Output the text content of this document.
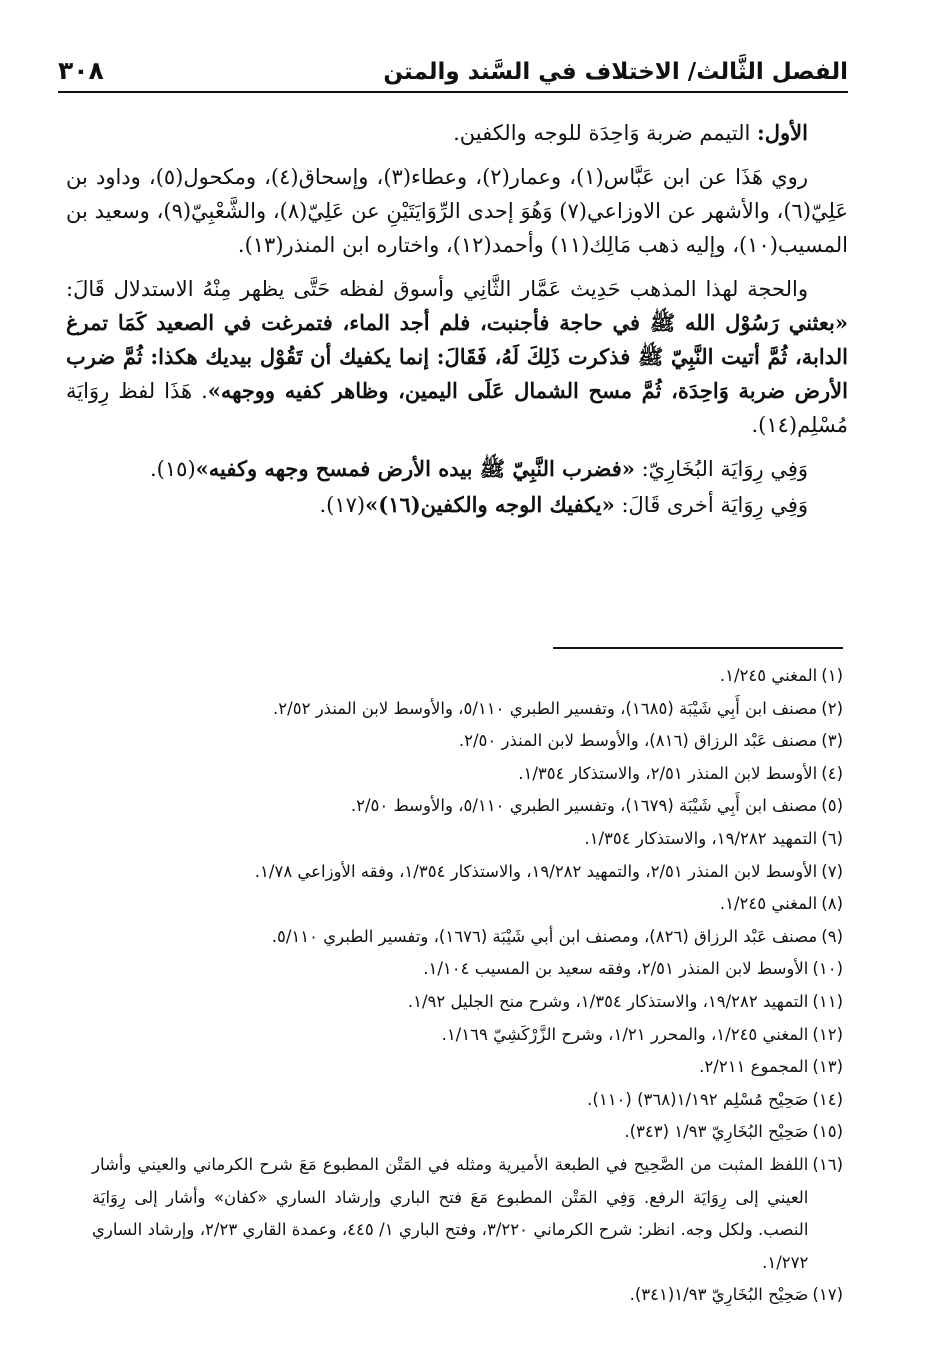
الفصل الثَّالث/ الاختلاف في السَّند والمتن
٣٠٨

الأول: التيمم ضربة وَاحِدَة للوجه والكفين.

روي هَذَا عن ابن عَبَّاس(١)، وعمار(٢)، وعطاء(٣)، وإسحاق(٤)، ومكحول(٥)، وداود بن عَلِيّ(٦)، والأشهر عن الاوزاعي(٧) وَهُوَ إحدى الرِّوَايَتَيْنِ عن عَلِيّ(٨)، والشَّعْبِيّ(٩)، وسعيد بن المسيب(١٠)، وإليه ذهب مَالِك(١١) وأحمد(١٢)، واختاره ابن المنذر(١٣).

والحجة لهذا المذهب حَدِيث عَمَّار الثَّانِي وأسوق لفظه حَتَّى يظهر مِنْهُ الاستدلال قَالَ: «بعثني رَسُوْل الله ﷺ في حاجة فأجنبت، فلم أجد الماء، فتمرغت في الصعيد كَمَا تمرغ الدابة، ثُمَّ أتيت النَّبِيّ ﷺ فذكرت ذَلِكَ لَهُ، فَقَالَ: إنما يكفيك أن تَقُوْل بيديك هكذا: ثُمَّ ضرب الأرض ضربة وَاحِدَة، ثُمَّ مسح الشمال عَلَى اليمين، وظاهر كفيه ووجهه». هَذَا لفظ رِوَايَة مُسْلِم(١٤).

وَفِي رِوَايَة البُخَارِيّ: «فضرب النَّبِيّ ﷺ بيده الأرض فمسح وجهه وكفيه»(١٥).

وَفِي رِوَايَة أخرى قَالَ: «يكفيك الوجه والكفين(١٦)»(١٧).

(١)
المغني ١/٢٤٥.
(٢)
مصنف ابن أَبِي شَيْبَة (١٦٨٥)، وتفسير الطبري ٥/١١٠، والأوسط لابن المنذر ٢/٥٢.
(٣)
مصنف عَبْد الرزاق (٨١٦)، والأوسط لابن المنذر ٢/٥٠.
(٤)
الأوسط لابن المنذر ٢/٥١، والاستذكار ١/٣٥٤.
(٥)
مصنف ابن أَبِي شَيْبَة (١٦٧٩)، وتفسير الطبري ٥/١١٠، والأوسط ٢/٥٠.
(٦)
التمهيد ١٩/٢٨٢، والاستذكار ١/٣٥٤.
(٧)
الأوسط لابن المنذر ٢/٥١، والتمهيد ١٩/٢٨٢، والاستذكار ١/٣٥٤، وفقه الأوزاعي ١/٧٨.
(٨)
المغني ١/٢٤٥.
(٩)
مصنف عَبْد الرزاق (٨٢٦)، ومصنف ابن أبي شَيْبَة (١٦٧٦)، وتفسير الطبري ٥/١١٠.
(١٠)
الأوسط لابن المنذر ٢/٥١، وفقه سعيد بن المسيب ١/١٠٤.
(١١)
التمهيد ١٩/٢٨٢، والاستذكار ١/٣٥٤، وشرح منح الجليل ١/٩٢.
(١٢)
المغني ١/٢٤٥، والمحرر ١/٢١، وشرح الزَّرْكَشِيّ ١/١٦٩.
(١٣)
المجموع ٢/٢١١.
(١٤)
صَحِيْح مُسْلِم ١/١٩٢(٣٦٨) (١١٠).
(١٥)
صَحِيْح البُخَارِيّ ١/٩٣ (٣٤٣).
(١٦)
اللفظ المثبت من الصَّحِيح في الطبعة الأميرية ومثله في المَتْن المطبوع مَعَ شرح الكرماني والعيني وأشار العيني إلى رِوَايَة الرفع. وَفِي المَتْن المطبوع مَعَ فتح الباري وإرشاد الساري «كفان» وأشار إلى رِوَايَة النصب. ولكل وجه. انظر: شرح الكرماني ٣/٢٢٠، وفتح الباري ١/ ٤٤٥، وعمدة القاري ٢/٢٣، وإرشاد الساري ١/٢٧٢.
(١٧)
صَحِيْح البُخَارِيّ ١/٩٣(٣٤١).
